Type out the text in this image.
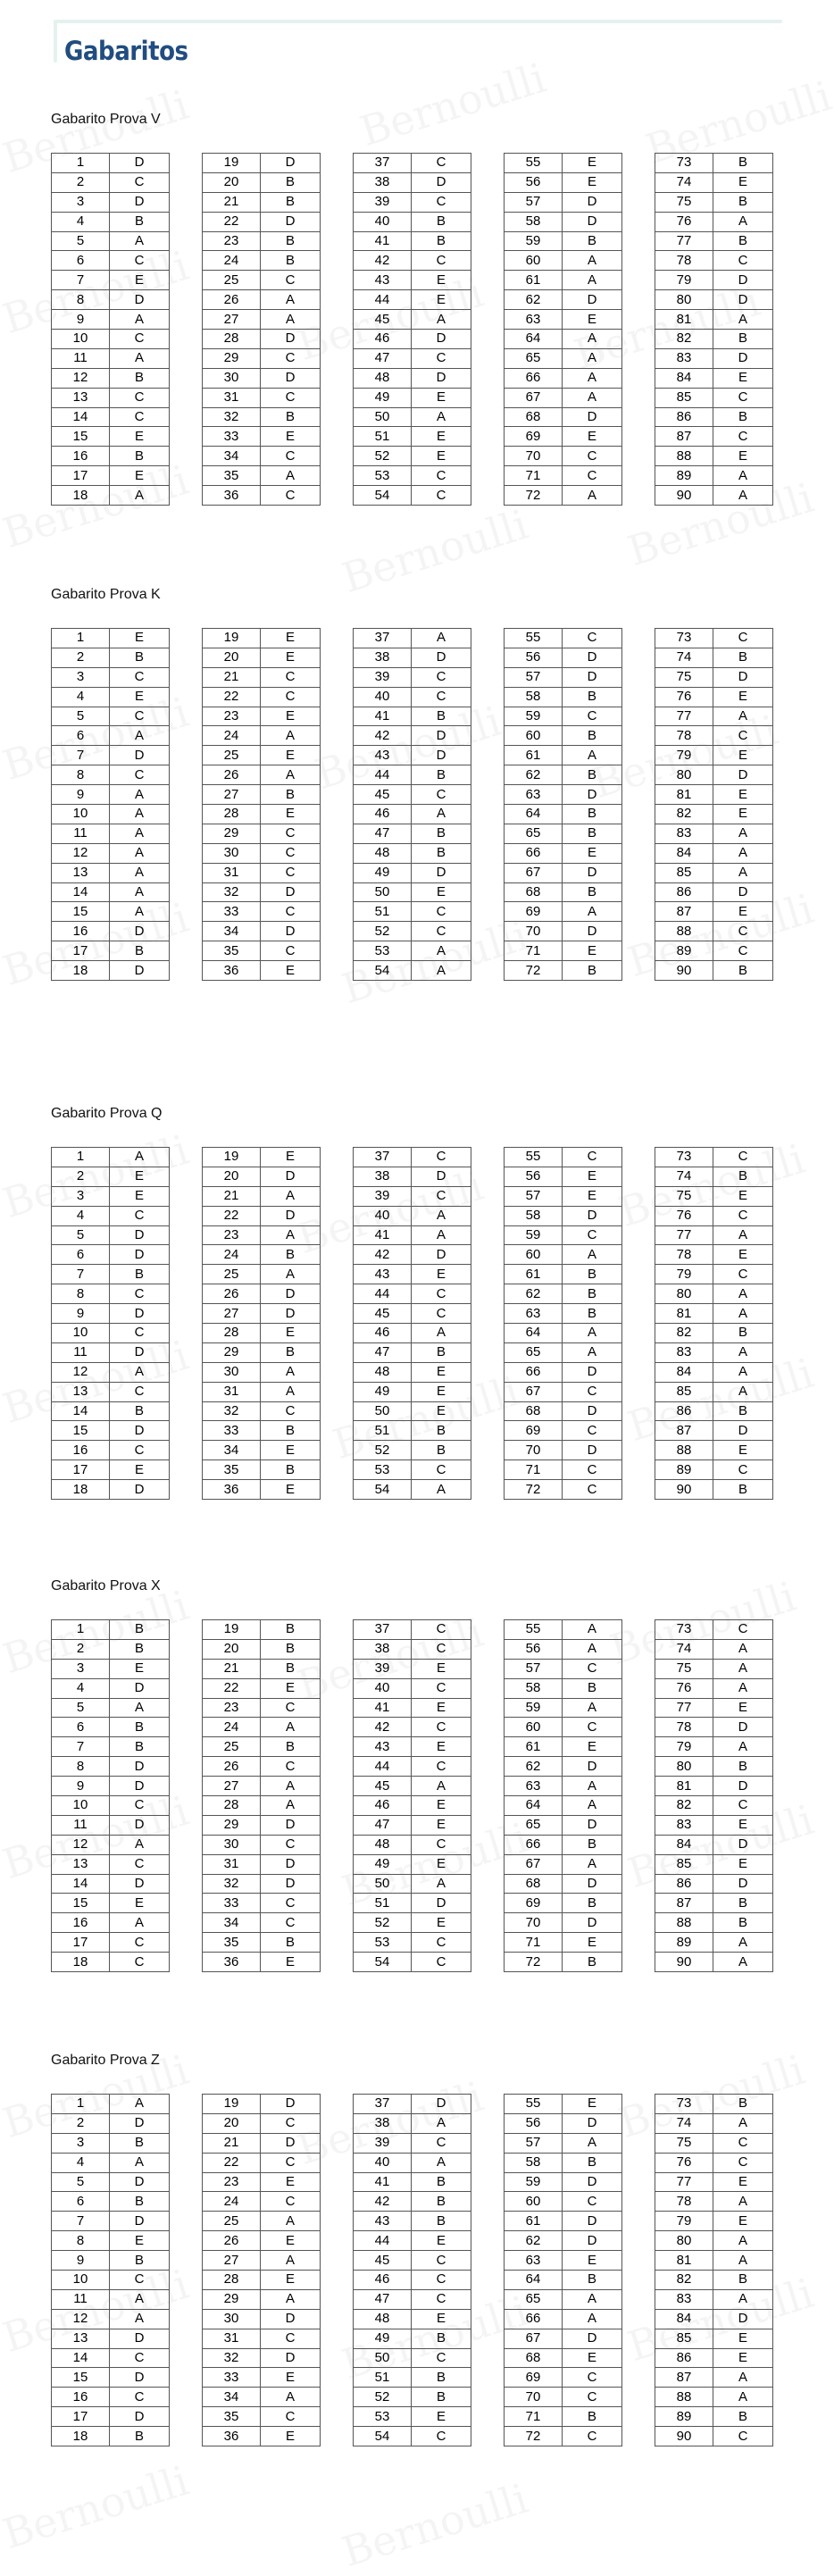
Gabaritos
Gabarito Prova V
1	D
2	C
3	D
4	B
5	A
6	C
7	E
8	D
9	A
10	C
11	A
12	B
13	C
14	C
15	E
16	B
17	E
18	A
19	D
20	B
21	B
22	D
23	B
24	B
25	C
26	A
27	A
28	D
29	C
30	D
31	C
32	B
33	E
34	C
35	A
36	C
37	C
38	D
39	C
40	B
41	B
42	C
43	E
44	E
45	A
46	D
47	C
48	D
49	E
50	A
51	E
52	E
53	C
54	C
55	E
56	E
57	D
58	D
59	B
60	A
61	A
62	D
63	E
64	A
65	A
66	A
67	A
68	D
69	E
70	C
71	C
72	A
73	B
74	E
75	B
76	A
77	B
78	C
79	D
80	D
81	A
82	B
83	D
84	E
85	C
86	B
87	C
88	E
89	A
90	A
Gabarito Prova K
1	E
2	B
3	C
4	E
5	C
6	A
7	D
8	C
9	A
10	A
11	A
12	A
13	A
14	A
15	A
16	D
17	B
18	D
19	E
20	E
21	C
22	C
23	E
24	A
25	E
26	A
27	B
28	E
29	C
30	C
31	C
32	D
33	C
34	D
35	C
36	E
37	A
38	D
39	C
40	C
41	B
42	D
43	D
44	B
45	C
46	A
47	B
48	B
49	D
50	E
51	C
52	C
53	A
54	A
55	C
56	D
57	D
58	B
59	C
60	B
61	A
62	B
63	D
64	B
65	B
66	E
67	D
68	B
69	A
70	D
71	E
72	B
73	C
74	B
75	D
76	E
77	A
78	C
79	E
80	D
81	E
82	E
83	A
84	A
85	A
86	D
87	E
88	C
89	C
90	B
Gabarito Prova Q
1	A
2	E
3	E
4	C
5	D
6	D
7	B
8	C
9	D
10	C
11	D
12	A
13	C
14	B
15	D
16	C
17	E
18	D
19	E
20	D
21	A
22	D
23	A
24	B
25	A
26	D
27	D
28	E
29	B
30	A
31	A
32	C
33	B
34	E
35	B
36	E
37	C
38	D
39	C
40	A
41	A
42	D
43	E
44	C
45	C
46	A
47	B
48	E
49	E
50	E
51	B
52	B
53	C
54	A
55	C
56	E
57	E
58	D
59	C
60	A
61	B
62	B
63	B
64	A
65	A
66	D
67	C
68	D
69	C
70	D
71	C
72	C
73	C
74	B
75	E
76	C
77	A
78	E
79	C
80	A
81	A
82	B
83	A
84	A
85	A
86	B
87	D
88	E
89	C
90	B
Gabarito Prova X
1	B
2	B
3	E
4	D
5	A
6	B
7	B
8	D
9	D
10	C
11	D
12	A
13	C
14	D
15	E
16	A
17	C
18	C
19	B
20	B
21	B
22	E
23	C
24	A
25	B
26	C
27	A
28	A
29	D
30	C
31	D
32	D
33	C
34	C
35	B
36	E
37	C
38	C
39	E
40	C
41	E
42	C
43	E
44	C
45	A
46	E
47	E
48	C
49	E
50	A
51	D
52	E
53	C
54	C
55	A
56	A
57	C
58	B
59	A
60	C
61	E
62	D
63	A
64	A
65	D
66	B
67	A
68	D
69	B
70	D
71	E
72	B
73	C
74	A
75	A
76	A
77	E
78	D
79	A
80	B
81	D
82	C
83	E
84	D
85	E
86	D
87	B
88	B
89	A
90	A
Gabarito Prova Z
1	A
2	D
3	B
4	A
5	D
6	B
7	D
8	E
9	B
10	C
11	A
12	A
13	D
14	C
15	D
16	C
17	D
18	B
19	D
20	C
21	D
22	C
23	E
24	C
25	A
26	E
27	A
28	E
29	A
30	D
31	C
32	D
33	E
34	A
35	C
36	E
37	D
38	A
39	C
40	A
41	B
42	B
43	B
44	E
45	C
46	C
47	C
48	E
49	B
50	C
51	B
52	B
53	E
54	C
55	E
56	D
57	A
58	B
59	D
60	C
61	D
62	D
63	E
64	B
65	A
66	A
67	D
68	E
69	C
70	C
71	B
72	C
73	B
74	A
75	C
76	C
77	E
78	A
79	E
80	A
81	A
82	B
83	A
84	D
85	E
86	E
87	A
88	A
89	B
90	C
